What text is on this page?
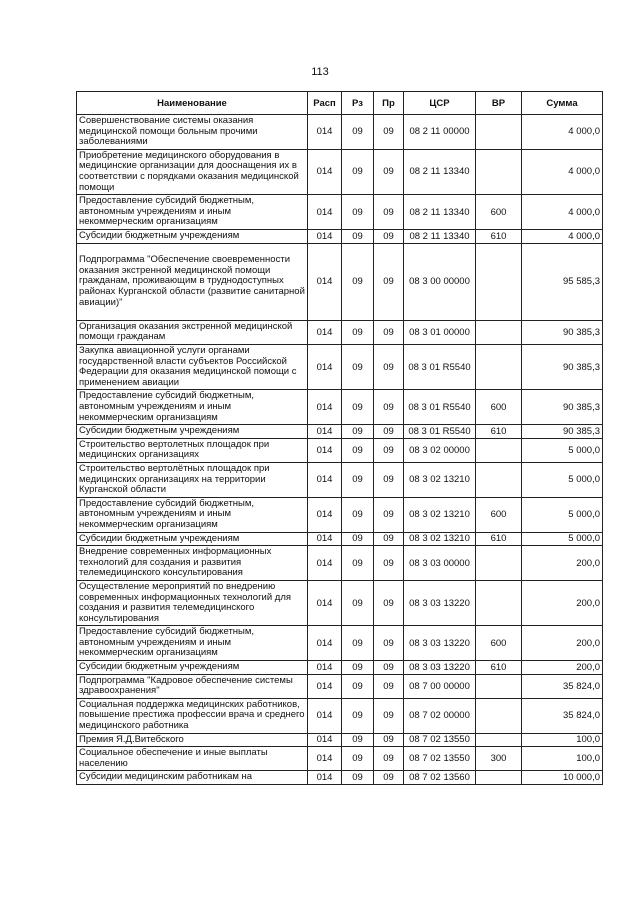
113
Наименование	Расп	Рз	Пр	ЦСР	ВР	Сумма
Совершенствование системы оказания медицинской помощи больным прочими заболеваниями	014	09	09	08 2 11 00000		4 000,0
Приобретение медицинского оборудования в медицинские организации для дооснащения их в соответствии с порядками оказания медицинской помощи	014	09	09	08 2 11 13340		4 000,0
Предоставление субсидий бюджетным, автономным учреждениям и иным некоммерческим организациям	014	09	09	08 2 11 13340	600	4 000,0
Субсидии бюджетным учреждениям	014	09	09	08 2 11 13340	610	4 000,0
Подпрограмма "Обеспечение своевременности оказания экстренной медицинской помощи гражданам, проживающим в труднодоступных районах Курганской области (развитие санитарной авиации)"	014	09	09	08 3 00 00000		95 585,3
Организация оказания экстренной медицинской помощи гражданам	014	09	09	08 3 01 00000		90 385,3
Закупка авиационной услуги органами государственной власти субъектов Российской Федерации для оказания медицинской помощи с применением авиации	014	09	09	08 3 01 R5540		90 385,3
Предоставление субсидий бюджетным, автономным учреждениям и иным некоммерческим организациям	014	09	09	08 3 01 R5540	600	90 385,3
Субсидии бюджетным учреждениям	014	09	09	08 3 01 R5540	610	90 385,3
Строительство вертолетных площадок при медицинских организациях	014	09	09	08 3 02 00000		5 000,0
Строительство вертолётных площадок при медицинских организациях на территории Курганской области	014	09	09	08 3 02 13210		5 000,0
Предоставление субсидий бюджетным, автономным учреждениям и иным некоммерческим организациям	014	09	09	08 3 02 13210	600	5 000,0
Субсидии бюджетным учреждениям	014	09	09	08 3 02 13210	610	5 000,0
Внедрение современных информационных технологий для создания и развития телемедицинского консультирования	014	09	09	08 3 03 00000		200,0
Осуществление мероприятий по внедрению современных информационных технологий для создания и развития телемедицинского консультирования	014	09	09	08 3 03 13220		200,0
Предоставление субсидий бюджетным, автономным учреждениям и иным некоммерческим организациям	014	09	09	08 3 03 13220	600	200,0
Субсидии бюджетным учреждениям	014	09	09	08 3 03 13220	610	200,0
Подпрограмма "Кадровое обеспечение системы здравоохранения"	014	09	09	08 7 00 00000		35 824,0
Социальная поддержка медицинских работников, повышение престижа профессии врача и среднего медицинского работника	014	09	09	08 7 02 00000		35 824,0
Премия Я.Д.Витебского	014	09	09	08 7 02 13550		100,0
Социальное обеспечение и иные выплаты населению	014	09	09	08 7 02 13550	300	100,0
Субсидии медицинским работникам на	014	09	09	08 7 02 13560		10 000,0
